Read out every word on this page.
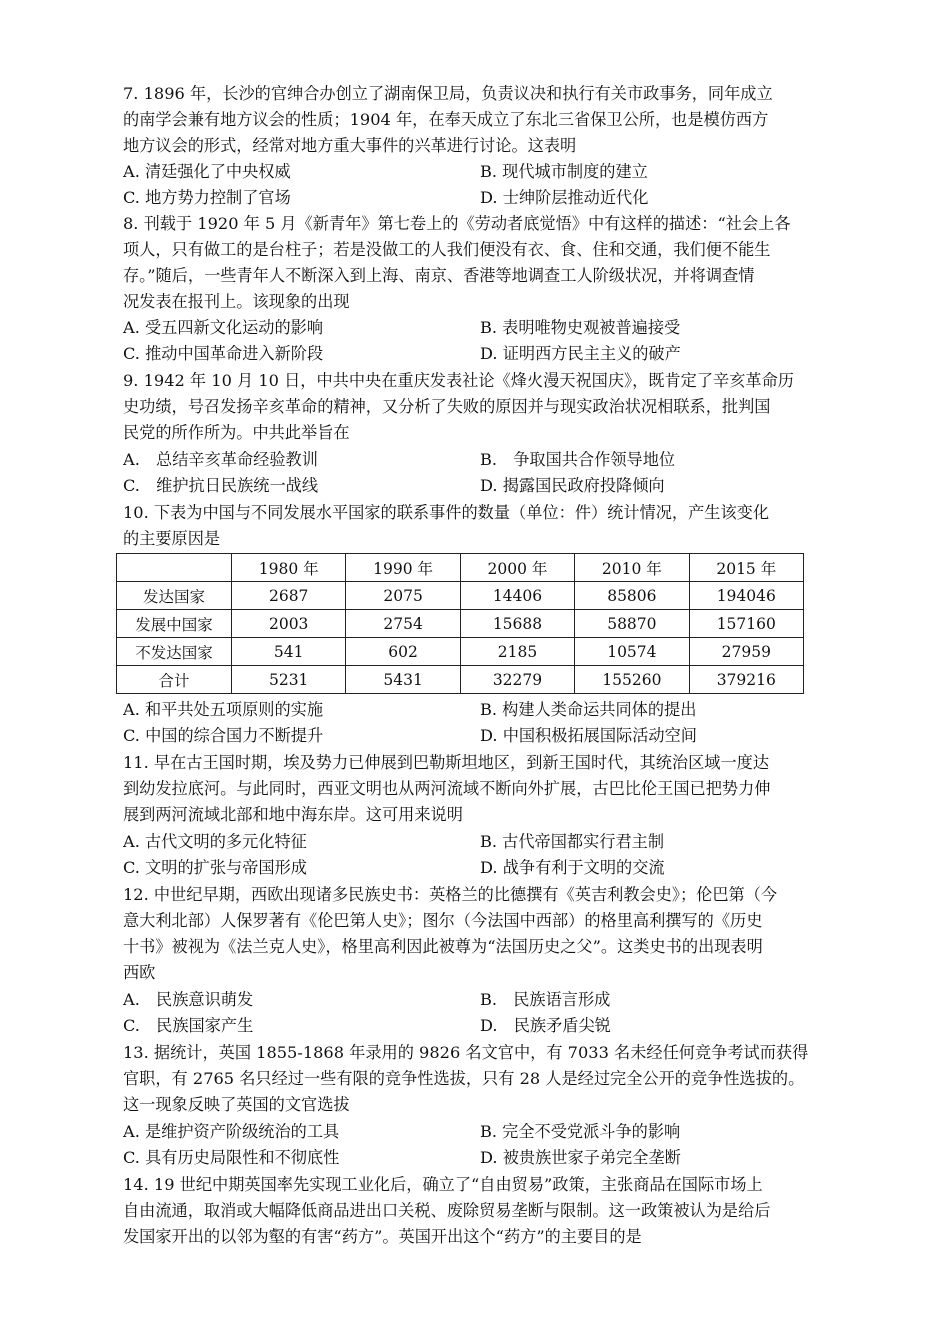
7. 1896 年，长沙的官绅合办创立了湖南保卫局，负责议决和执行有关市政事务，同年成立
的南学会兼有地方议会的性质；1904 年，在奉天成立了东北三省保卫公所，也是模仿西方
地方议会的形式，经常对地方重大事件的兴革进行讨论。这表明
A. 清廷强化了中央权威	B. 现代城市制度的建立
C. 地方势力控制了官场	D. 士绅阶层推动近代化
8. 刊载于 1920 年 5 月《新青年》第七卷上的《劳动者底觉悟》中有这样的描述：“社会上各
项人，只有做工的是台柱子；若是没做工的人我们便没有衣、食、住和交通，我们便不能生
存。”随后，一些青年人不断深入到上海、南京、香港等地调查工人阶级状况，并将调查情
况发表在报刊上。该现象的出现
A. 受五四新文化运动的影响	B. 表明唯物史观被普遍接受
C. 推动中国革命进入新阶段	D. 证明西方民主主义的破产
9. 1942 年 10 月 10 日，中共中央在重庆发表社论《烽火漫天祝国庆》，既肯定了辛亥革命历
史功绩，号召发扬辛亥革命的精神，又分析了失败的原因并与现实政治状况相联系，批判国
民党的所作所为。中共此举旨在
A.　总结辛亥革命经验教训	B.　争取国共合作领导地位
C.　维护抗日民族统一战线	D. 揭露国民政府投降倾向
10. 下表为中国与不同发展水平国家的联系事件的数量（单位：件）统计情况，产生该变化
的主要原因是
	1980 年	1990 年	2000 年	2010 年	2015 年
发达国家	2687	2075	14406	85806	194046
发展中国家	2003	2754	15688	58870	157160
不发达国家	541	602	2185	10574	27959
合计	5231	5431	32279	155260	379216
A. 和平共处五项原则的实施	B. 构建人类命运共同体的提出
C. 中国的综合国力不断提升	D. 中国积极拓展国际活动空间
11. 早在古王国时期，埃及势力已伸展到巴勒斯坦地区，到新王国时代，其统治区域一度达
到幼发拉底河。与此同时，西亚文明也从两河流域不断向外扩展，古巴比伦王国已把势力伸
展到两河流域北部和地中海东岸。这可用来说明
A. 古代文明的多元化特征	B. 古代帝国都实行君主制
C. 文明的扩张与帝国形成	D. 战争有利于文明的交流
12. 中世纪早期，西欧出现诸多民族史书：英格兰的比德撰有《英吉利教会史》；伦巴第（今
意大利北部）人保罗著有《伦巴第人史》；图尔（今法国中西部）的格里高利撰写的《历史
十书》被视为《法兰克人史》，格里高利因此被尊为“法国历史之父”。这类史书的出现表明
西欧
A.　民族意识萌发	B.　民族语言形成
C.　民族国家产生	D.　民族矛盾尖锐
13. 据统计，英国 1855-1868 年录用的 9826 名文官中，有 7033 名未经任何竞争考试而获得
官职，有 2765 名只经过一些有限的竞争性选拔，只有 28 人是经过完全公开的竞争性选拔的。
这一现象反映了英国的文官选拔
A. 是维护资产阶级统治的工具	B. 完全不受党派斗争的影响
C. 具有历史局限性和不彻底性	D. 被贵族世家子弟完全垄断
14. 19 世纪中期英国率先实现工业化后，确立了“自由贸易”政策，主张商品在国际市场上
自由流通，取消或大幅降低商品进出口关税、废除贸易垄断与限制。这一政策被认为是给后
发国家开出的以邻为壑的有害“药方”。英国开出这个“药方”的主要目的是
